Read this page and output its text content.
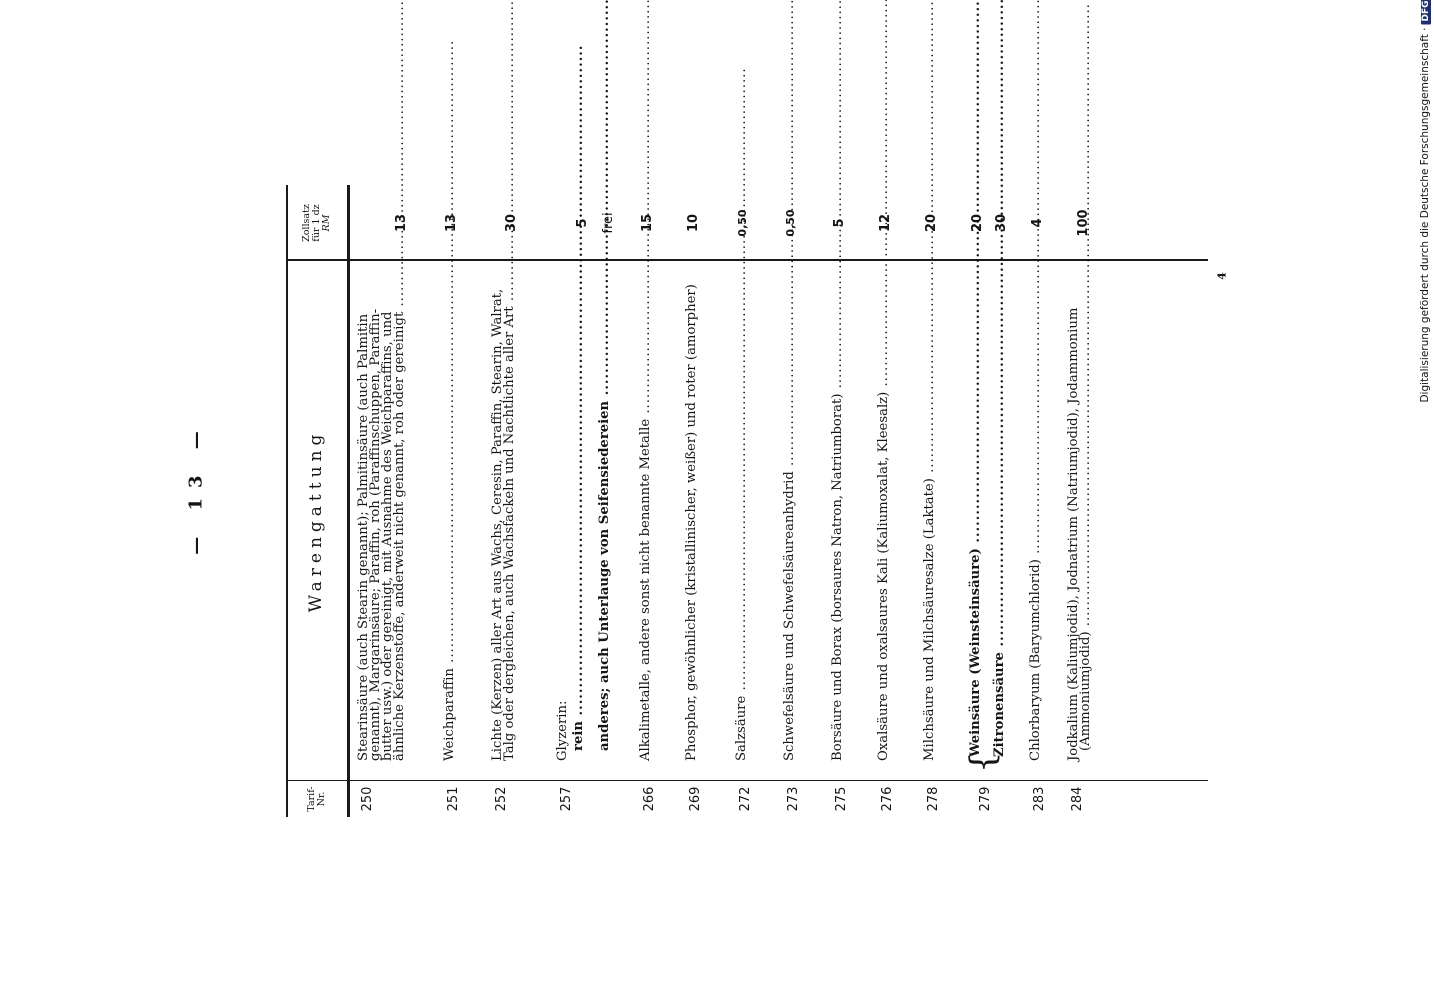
— 13 —
Digitalisierung gefördert durch die Deutsche Forschungsgemeinschaft ·DFG
4
Tarif-Nr.
Warengattung
Zollsatz
für 1 dz
RM
250
Stearinsäure (auch Stearin genannt); Palmitinsäure (auch Palmitin
genannt), Margarinsäure; Paraffin, roh (Paraffinschuppen, Paraffin-
butter usw.) oder gereinigt, mit Ausnahme des Weichparaffins, und
ähnliche Kerzenstoffe, anderweit nicht genannt, roh oder gereinigt .....
13
251
Weichparaffin .....
13
252
Lichte (Kerzen) aller Art aus Wachs, Ceresin, Paraffin, Stearin, Walrat,
Talg oder dergleichen, auch Wachsfackeln und Nachtlichte aller Art .....
30
257
Glyzerin: rein ..... anderes; auch Unterlauge von Seifensiedereien .....
5 frei
266
Alkalimetalle, andere sonst nicht benannte Metalle .....
15
269
Phosphor, gewöhnlicher (kristallinischer, weißer) und roter (amorpher)
10
272
Salzsäure .....
0,50
273
Schwefelsäure und Schwefelsäureanhydrid .....
0,50
275
Borsäure und Borax (borsaures Natron, Natriumborat) .....
5
276
Oxalsäure und oxalsaures Kali (Kaliumoxalat, Kleesalz) .....
12
278
Milchsäure und Milchsäuresalze (Laktate) .....
20
279
{
Weinsäure (Weinsteinsäure) ..... Zitronensäure .....
20 30
283
Chlorbaryum (Baryumchlorid) .....
4
284
Jodkalium (Kaliumjodid), Jodnatrium (Natriumjodid), Jodammonium
(Ammoniumjodid) .....
100
